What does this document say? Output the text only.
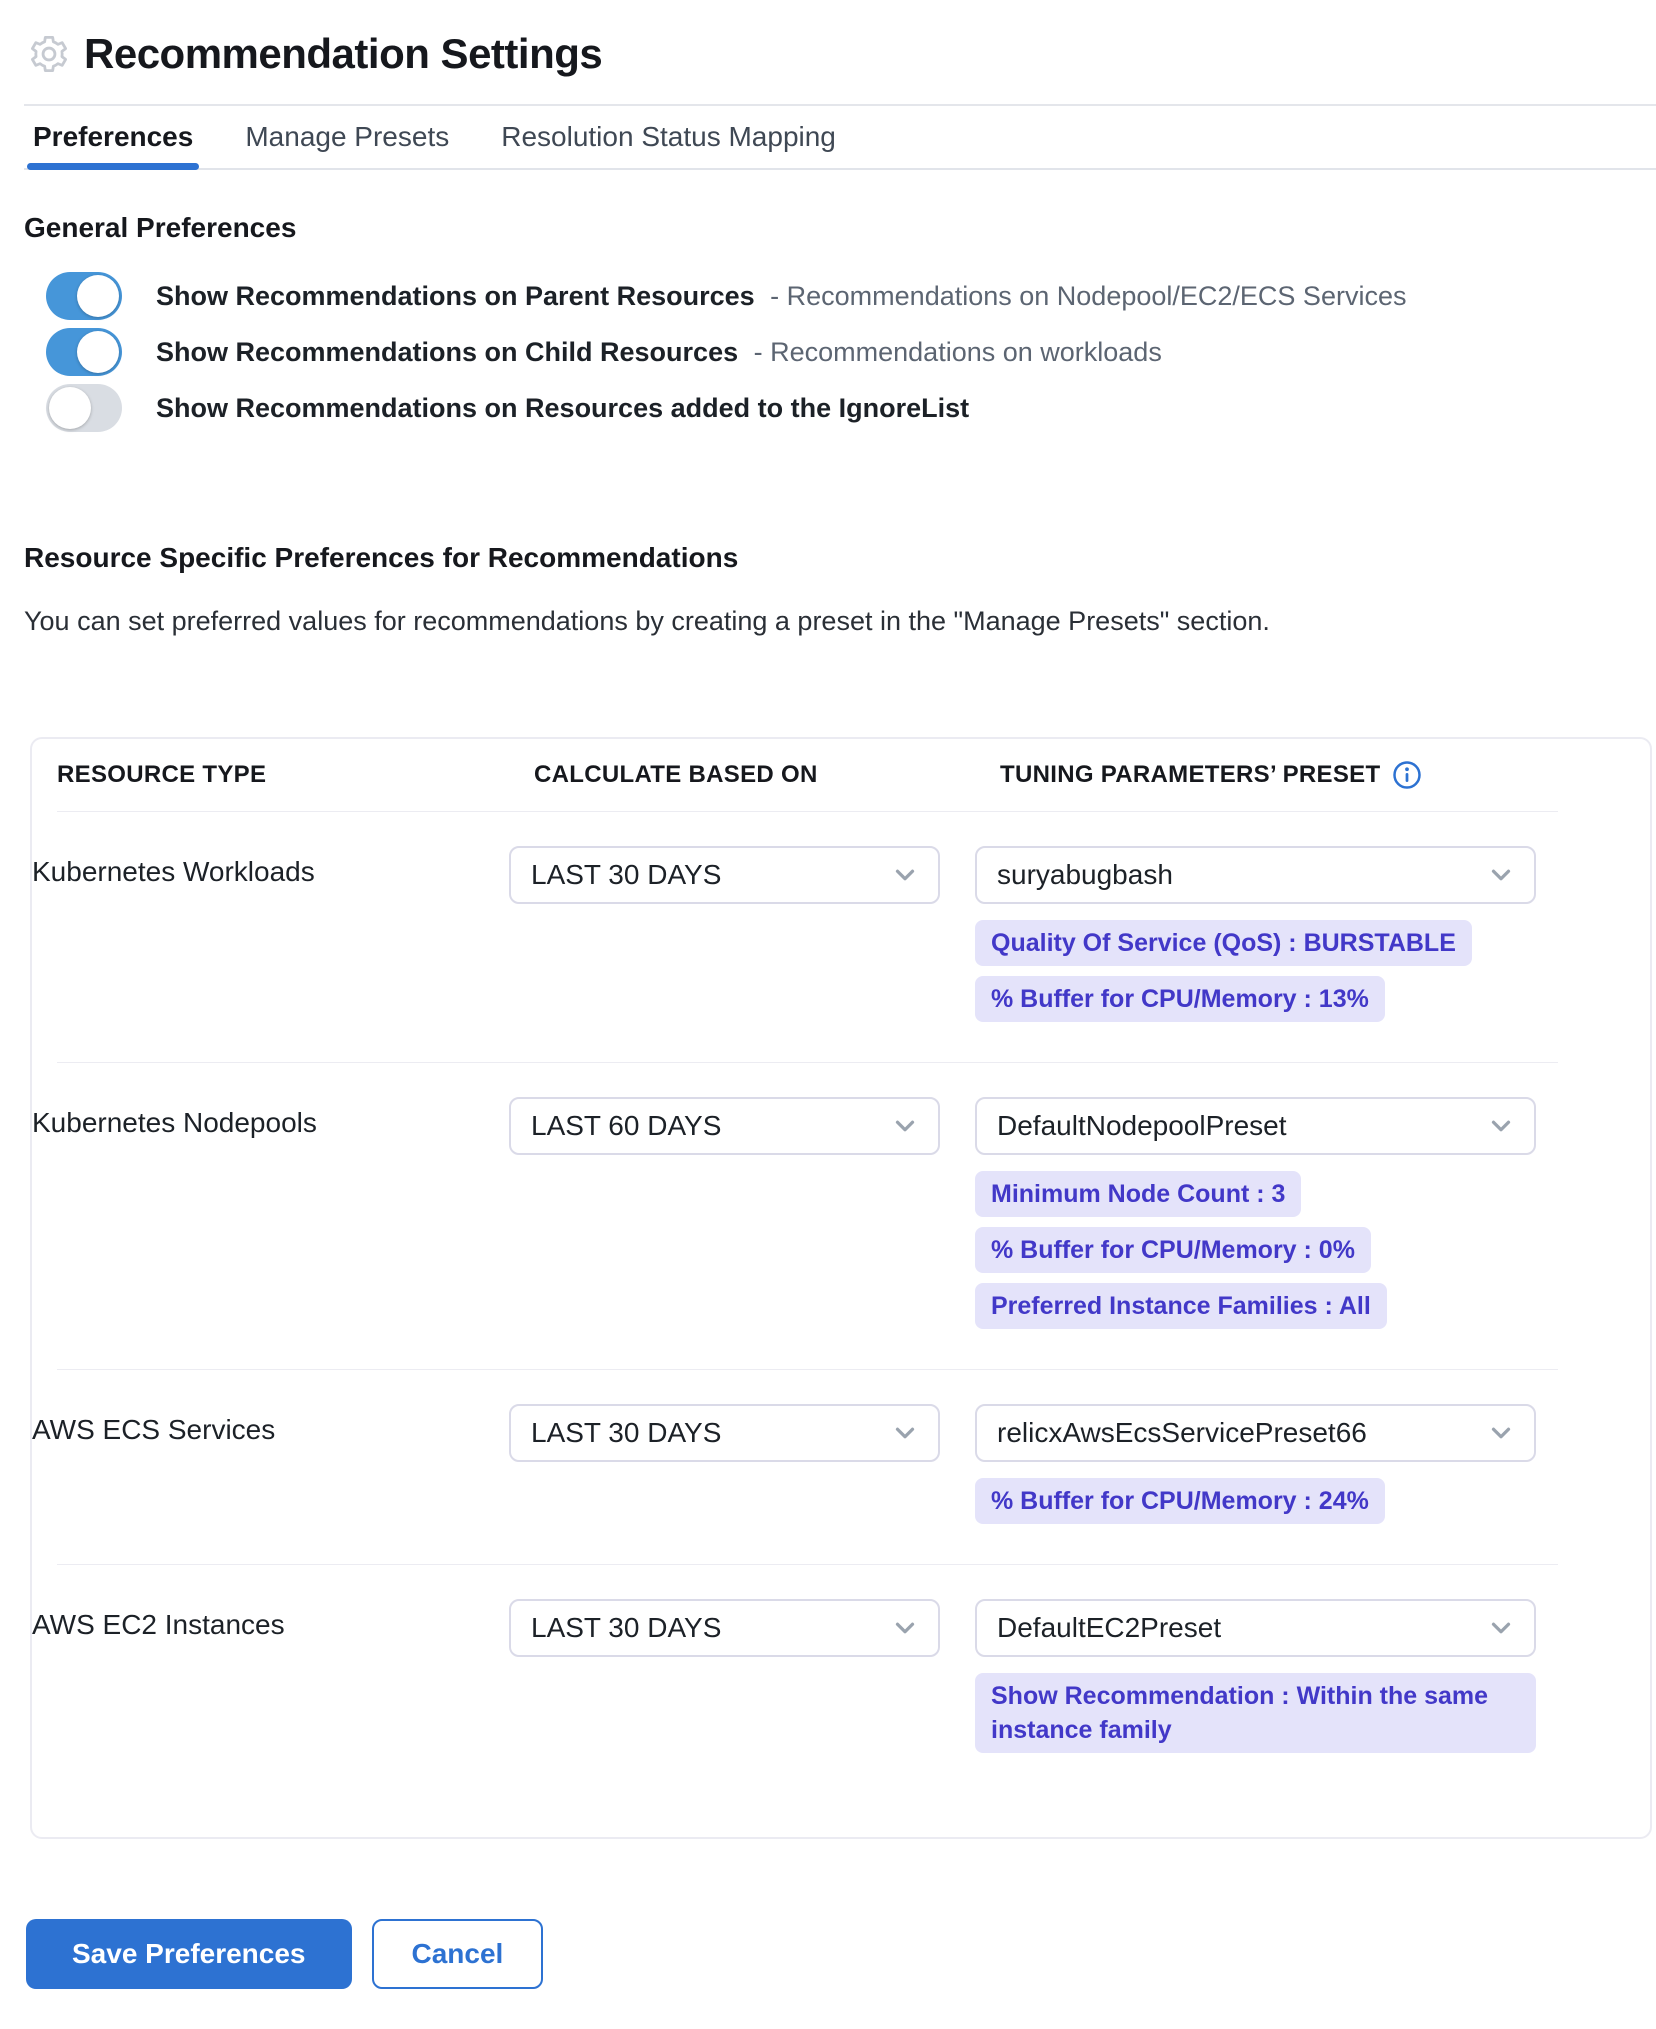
Recommendation Settings
Preferences Manage Presets Resolution Status Mapping
General Preferences
Show Recommendations on Parent Resources - Recommendations on Nodepool/EC2/ECS Services
Show Recommendations on Child Resources - Recommendations on workloads
Show Recommendations on Resources added to the IgnoreList
Resource Specific Preferences for Recommendations

You can set preferred values for recommendations by creating a preset in the "Manage Presets" section.

RESOURCE TYPE	CALCULATE BASED ON	TUNING PARAMETERS’ PRESET
Kubernetes Workloads	LAST 30 DAYS	suryabugbash
Quality Of Service (QoS) : BURSTABLE
% Buffer for CPU/Memory : 13%
Kubernetes Nodepools	LAST 60 DAYS	DefaultNodepoolPreset
Minimum Node Count : 3
% Buffer for CPU/Memory : 0%
Preferred Instance Families : All
AWS ECS Services	LAST 30 DAYS	relicxAwsEcsServicePreset66
% Buffer for CPU/Memory : 24%
AWS EC2 Instances	LAST 30 DAYS	DefaultEC2Preset
Show Recommendation : Within the same instance family
Save Preferences	Cancel
